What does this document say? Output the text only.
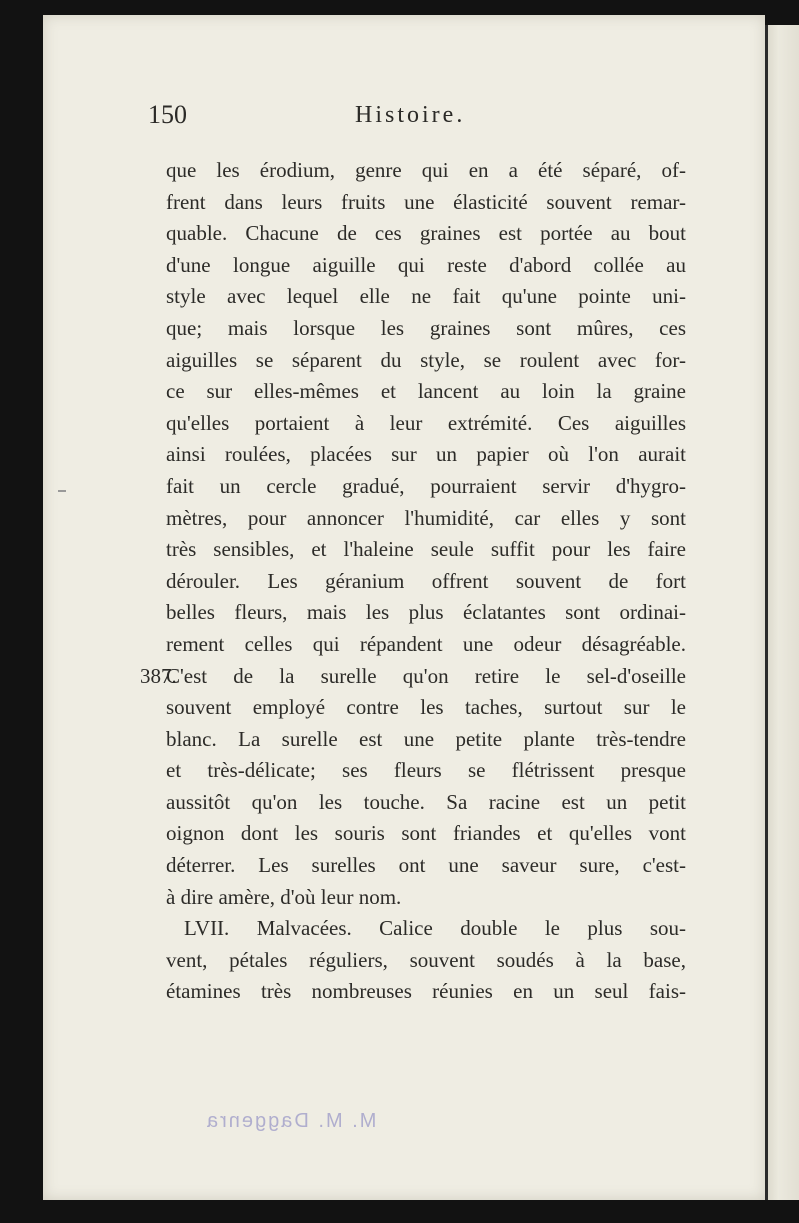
150	Histoire.
que les érodium, genre qui en a été séparé, of-
frent dans leurs fruits une élasticité souvent remar-
quable. Chacune de ces graines est portée au bout
d'une longue aiguille qui reste d'abord collée au
style avec lequel elle ne fait qu'une pointe uni-
que; mais lorsque les graines sont mûres, ces
aiguilles se séparent du style, se roulent avec for-
ce sur elles-mêmes et lancent au loin la graine
qu'elles portaient à leur extrémité. Ces aiguilles
ainsi roulées, placées sur un papier où l'on aurait
fait un cercle gradué, pourraient servir d'hygro-
mètres, pour annoncer l'humidité, car elles y sont
très sensibles, et l'haleine seule suffit pour les faire
dérouler. Les géranium offrent souvent de fort
belles fleurs, mais les plus éclatantes sont ordinai-
rement celles qui répandent une odeur désagréable.
387.
C'est de la surelle qu'on retire le sel-d'oseille
souvent employé contre les taches, surtout sur le
blanc. La surelle est une petite plante très-tendre
et très-délicate; ses fleurs se flétrissent presque
aussitôt qu'on les touche. Sa racine est un petit
oignon dont les souris sont friandes et qu'elles vont
déterrer. Les surelles ont une saveur sure, c'est-
à dire amère, d'où leur nom.
LVII. Malvacées. Calice double le plus sou-
vent, pétales réguliers, souvent soudés à la base,
étamines très nombreuses réunies en un seul fais-
M. M. Daggenra
